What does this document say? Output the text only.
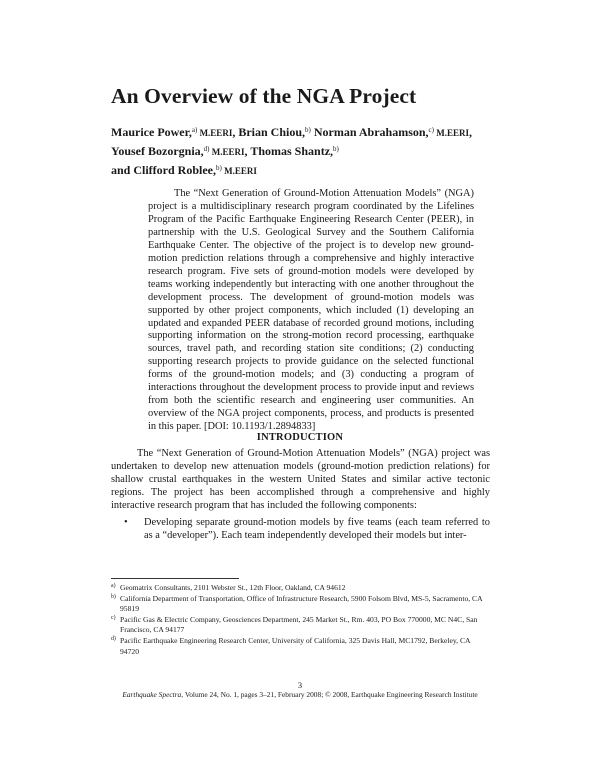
An Overview of the NGA Project
Maurice Power,$^{a)}$ M.EERI, Brian Chiou,$^{b)}$ Norman Abrahamson,$^{c)}$ M.EERI,
Yousef Bozorgnia,$^{d)}$ M.EERI, Thomas Shantz,$^{b)}$
and Clifford Roblee,$^{b)}$ M.EERI

The “Next Generation of Ground-Motion Attenuation Models” (NGA) project is a multidisciplinary research program coordinated by the Lifelines Program of the Pacific Earthquake Engineering Research Center (PEER), in partnership with the U.S. Geological Survey and the Southern California Earthquake Center. The objective of the project is to develop new ground-motion prediction relations through a comprehensive and highly interactive research program. Five sets of ground-motion models were developed by teams working independently but interacting with one another throughout the development process. The development of ground-motion models was supported by other project components, which included (1) developing an updated and expanded PEER database of recorded ground motions, including supporting information on the strong-motion record processing, earthquake sources, travel path, and recording station site conditions; (2) conducting supporting research projects to provide guidance on the selected functional forms of the ground-motion models; and (3) conducting a program of interactions throughout the development process to provide input and reviews from both the scientific research and engineering user communities. An overview of the NGA project components, process, and products is presented in this paper. [DOI: 10.1193/1.2894833]

INTRODUCTION

The “Next Generation of Ground-Motion Attenuation Models” (NGA) project was undertaken to develop new attenuation models (ground-motion prediction relations) for shallow crustal earthquakes in the western United States and similar active tectonic regions. The project has been accomplished through a comprehensive and highly interactive research program that has included the following components:

• Developing separate ground-motion models by five teams (each team referred to as a “developer”). Each team independently developed their models but inter-
a) Geomatrix Consultants, 2101 Webster St., 12th Floor, Oakland, CA 94612
b) California Department of Transportation, Office of Infrastructure Research, 5900 Folsom Blvd, MS-5, Sacramento, CA 95819
c) Pacific Gas & Electric Company, Geosciences Department, 245 Market St., Rm. 403, PO Box 770000, MC N4C, San Francisco, CA 94177
d) Pacific Earthquake Engineering Research Center, University of California, 325 Davis Hall, MC1792, Berkeley, CA 94720

3

Earthquake Spectra, Volume 24, No. 1, pages 3–21, February 2008; © 2008, Earthquake Engineering Research Institute
